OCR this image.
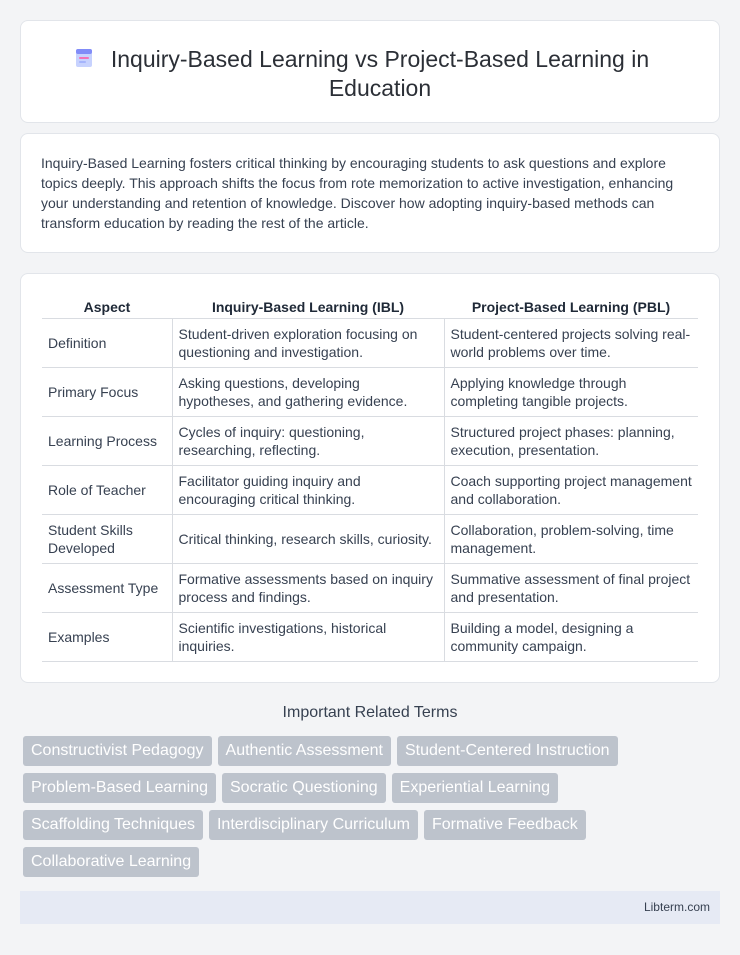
Inquiry-Based Learning vs Project-Based Learning in Education

Inquiry-Based Learning fosters critical thinking by encouraging students to ask questions and explore topics deeply. This approach shifts the focus from rote memorization to active investigation, enhancing your understanding and retention of knowledge. Discover how adopting inquiry-based methods can transform education by reading the rest of the article.

Aspect	Inquiry-Based Learning (IBL)	Project-Based Learning (PBL)
Definition	Student-driven exploration focusing on questioning and investigation.	Student-centered projects solving real-world problems over time.
Primary Focus	Asking questions, developing hypotheses, and gathering evidence.	Applying knowledge through completing tangible projects.
Learning Process	Cycles of inquiry: questioning, researching, reflecting.	Structured project phases: planning, execution, presentation.
Role of Teacher	Facilitator guiding inquiry and encouraging critical thinking.	Coach supporting project management and collaboration.
Student Skills Developed	Critical thinking, research skills, curiosity.	Collaboration, problem-solving, time management.
Assessment Type	Formative assessments based on inquiry process and findings.	Summative assessment of final project and presentation.
Examples	Scientific investigations, historical inquiries.	Building a model, designing a community campaign.
Important Related Terms
Constructivist Pedagogy	Authentic Assessment	Student-Centered Instruction
Problem-Based Learning	Socratic Questioning	Experiential Learning
Scaffolding Techniques	Interdisciplinary Curriculum	Formative Feedback
Collaborative Learning
Libterm.com
